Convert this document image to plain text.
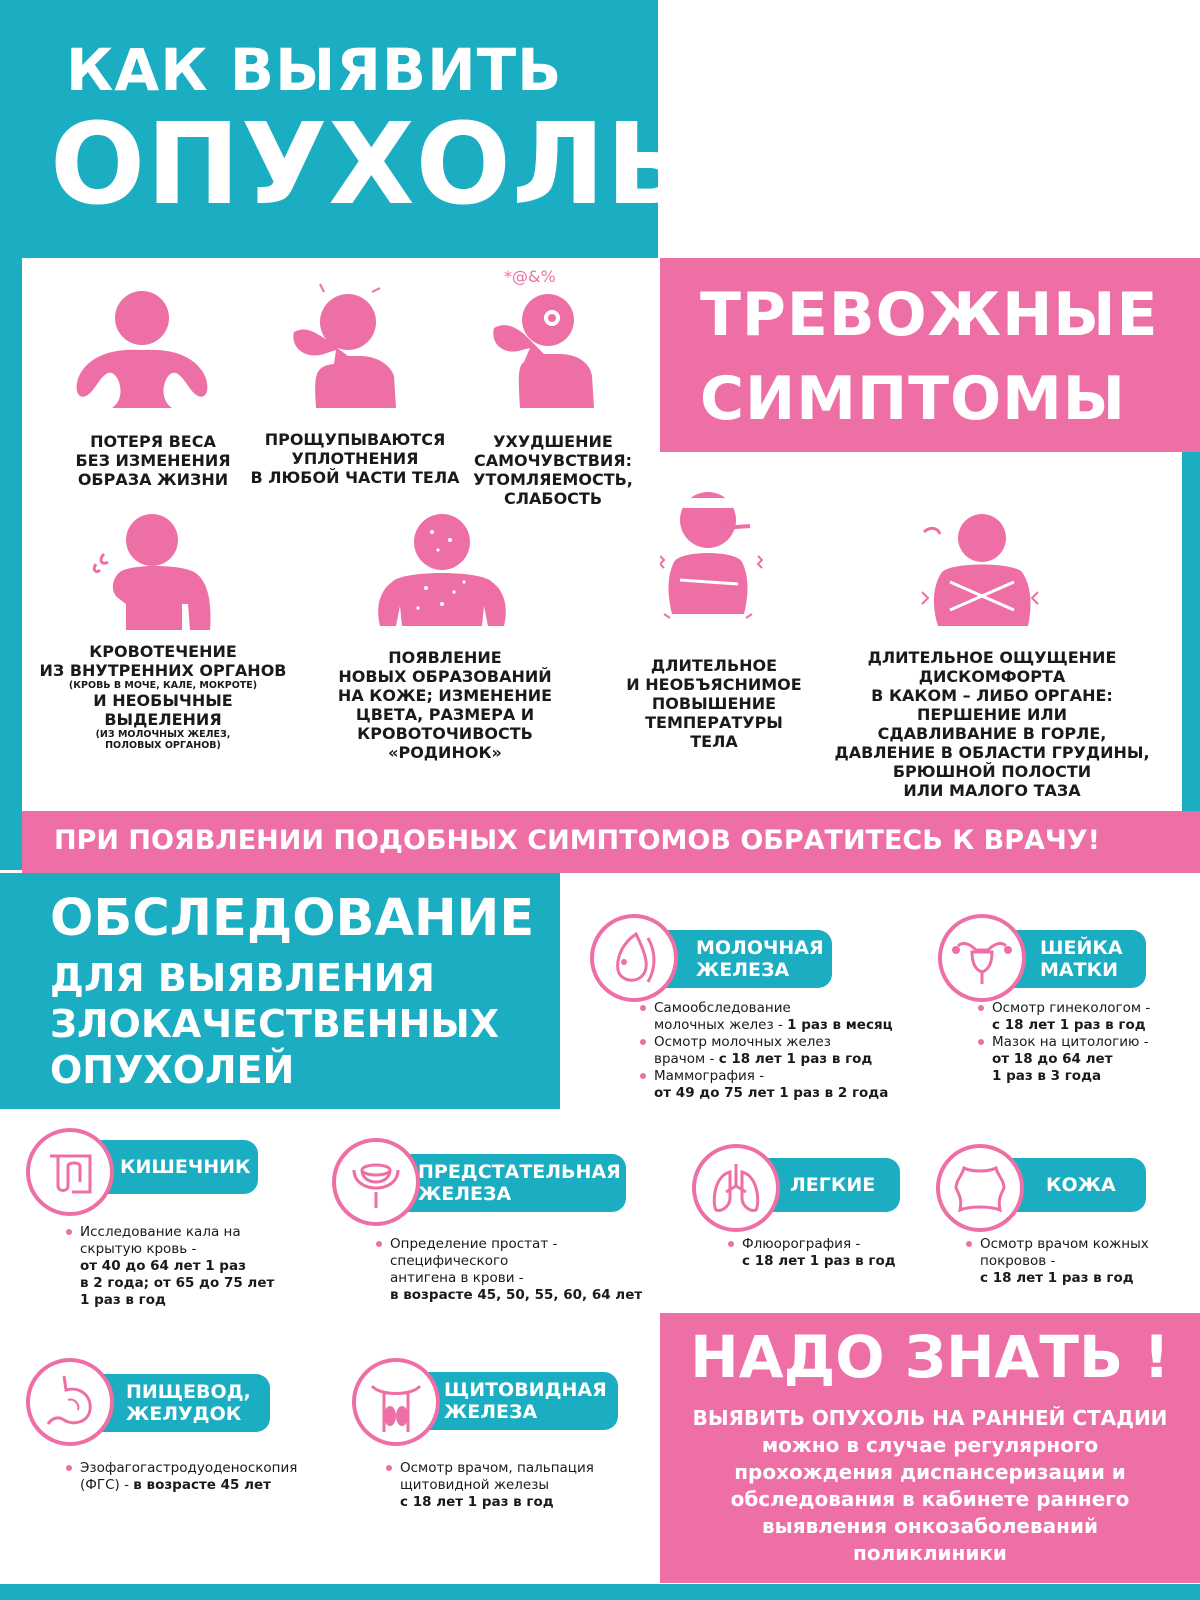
КАК ВЫЯВИТЬ
ОПУХОЛЬ
ТРЕВОЖНЫЕ
СИМПТОМЫ
*@&%
ПОТЕРЯ ВЕСА
БЕЗ ИЗМЕНЕНИЯ
ОБРАЗА ЖИЗНИ
ПРОЩУПЫВАЮТСЯ
УПЛОТНЕНИЯ
В ЛЮБОЙ ЧАСТИ ТЕЛА
УХУДШЕНИЕ
САМОЧУВСТВИЯ:
УТОМЛЯЕМОСТЬ,
СЛАБОСТЬ
КРОВОТЕЧЕНИЕ
ИЗ ВНУТРЕННИХ ОРГАНОВ
(КРОВЬ В МОЧЕ, КАЛЕ, МОКРОТЕ)
И НЕОБЫЧНЫЕ
ВЫДЕЛЕНИЯ
(ИЗ МОЛОЧНЫХ ЖЕЛЕЗ,
ПОЛОВЫХ ОРГАНОВ)
ПОЯВЛЕНИЕ
НОВЫХ ОБРАЗОВАНИЙ
НА КОЖЕ; ИЗМЕНЕНИЕ
ЦВЕТА, РАЗМЕРА И
КРОВОТОЧИВОСТЬ
«РОДИНОК»
ДЛИТЕЛЬНОЕ
И НЕОБЪЯСНИМОЕ
ПОВЫШЕНИЕ
ТЕМПЕРАТУРЫ
ТЕЛА
ДЛИТЕЛЬНОЕ ОЩУЩЕНИЕ
ДИСКОМФОРТА
В КАКОМ – ЛИБО ОРГАНЕ:
ПЕРШЕНИЕ ИЛИ
СДАВЛИВАНИЕ В ГОРЛЕ,
ДАВЛЕНИЕ В ОБЛАСТИ ГРУДИНЫ,
БРЮШНОЙ ПОЛОСТИ
ИЛИ МАЛОГО ТАЗА
ПРИ ПОЯВЛЕНИИ ПОДОБНЫХ СИМПТОМОВ ОБРАТИТЕСЬ К ВРАЧУ!
ОБСЛЕДОВАНИЕ
ДЛЯ ВЫЯВЛЕНИЯ
ЗЛОКАЧЕСТВЕННЫХ
ОПУХОЛЕЙ
МОЛОЧНАЯ
ЖЕЛЕЗА
Самообследование
молочных желез - 1 раз в месяц
Осмотр молочных желез
врачом - с 18 лет 1 раз в год
Маммография -
от 49 до 75 лет 1 раз в 2 года
ШЕЙКА
МАТКИ
Осмотр гинекологом -
с 18 лет 1 раз в год
Мазок на цитологию -
от 18 до 64 лет
1 раз в 3 года
КИШЕЧНИК
Исследование кала на
скрытую кровь -
от 40 до 64 лет 1 раз
в 2 года; от 65 до 75 лет
1 раз в год
ПРЕДСТАТЕЛЬНАЯ
ЖЕЛЕЗА
Определение простат - специфического
антигена в крови -
в возрасте 45, 50, 55, 60, 64 лет
ЛЕГКИЕ
Флюорография -
с 18 лет 1 раз в год
КОЖА
Осмотр врачом кожных
покровов -
с 18 лет 1 раз в год
ПИЩЕВОД,
ЖЕЛУДОК
Эзофагогастродуоденоскопия
(ФГС) - в возрасте 45 лет
ЩИТОВИДНАЯ
ЖЕЛЕЗА
Осмотр врачом, пальпация
щитовидной железы
с 18 лет 1 раз в год
НАДО ЗНАТЬ !
ВЫЯВИТЬ ОПУХОЛЬ НА РАННЕЙ СТАДИИ
можно в случае регулярного
прохождения диспансеризации и
обследования в кабинете раннего
выявления онкозаболеваний
поликлиники
